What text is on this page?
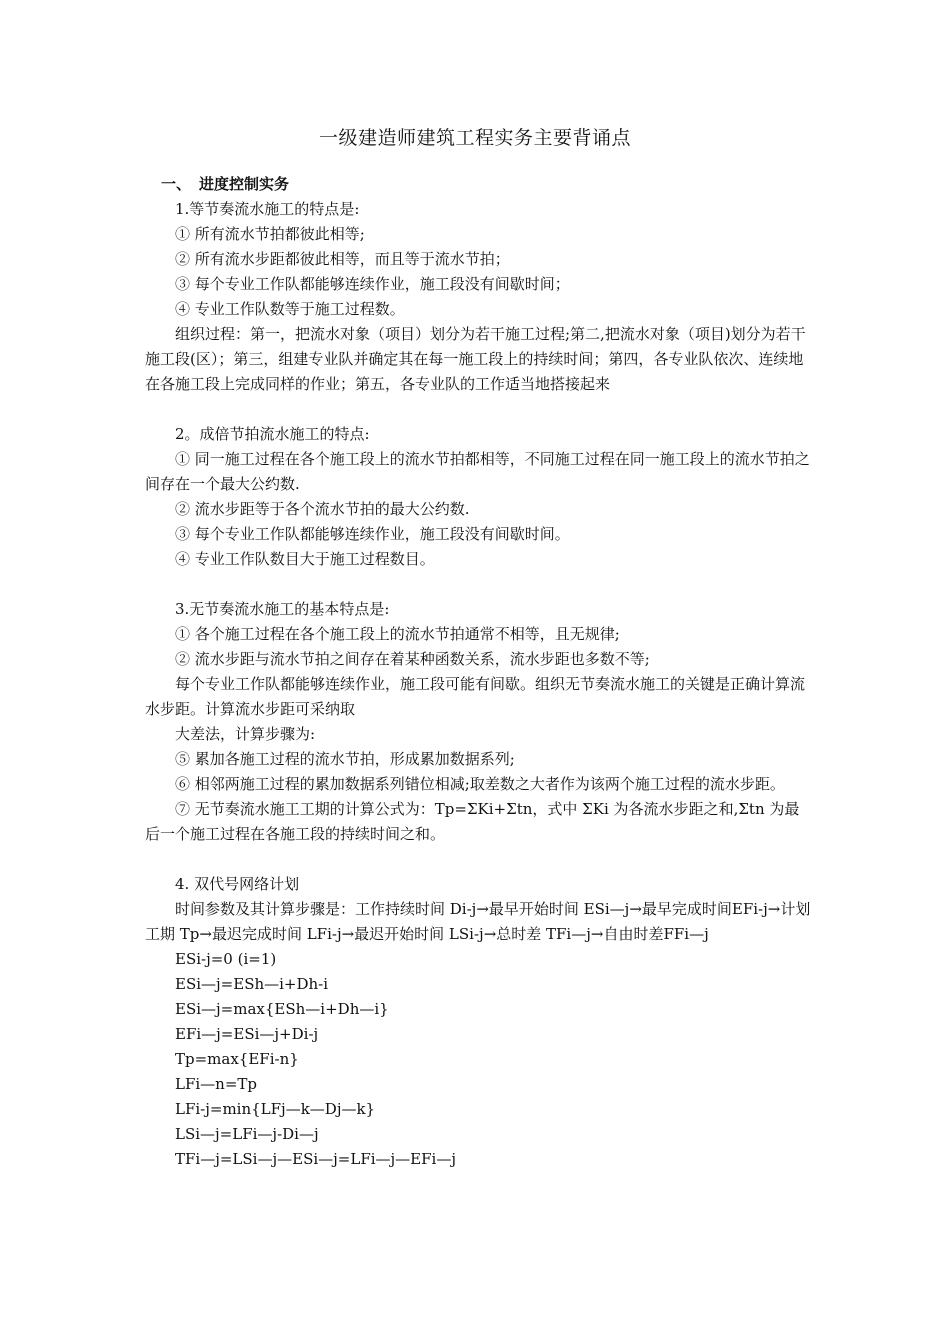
一级建造师建筑工程实务主要背诵点
一、 进度控制实务
1.等节奏流水施工的特点是:
① 所有流水节拍都彼此相等;
② 所有流水步距都彼此相等，而且等于流水节拍；
③ 每个专业工作队都能够连续作业，施工段没有间歇时间；
④ 专业工作队数等于施工过程数。
组织过程：第一，把流水对象（项目）划分为若干施工过程;第二,把流水对象（项目)划分为若干施工段(区）；第三，组建专业队并确定其在每一施工段上的持续时间；第四，各专业队依次、连续地在各施工段上完成同样的作业；第五，各专业队的工作适当地搭接起来
2。成倍节拍流水施工的特点:
① 同一施工过程在各个施工段上的流水节拍都相等，不同施工过程在同一施工段上的流水节拍之间存在一个最大公约数.
② 流水步距等于各个流水节拍的最大公约数.
③ 每个专业工作队都能够连续作业，施工段没有间歇时间。
④ 专业工作队数目大于施工过程数目。
3.无节奏流水施工的基本特点是:
① 各个施工过程在各个施工段上的流水节拍通常不相等，且无规律;
② 流水步距与流水节拍之间存在着某种函数关系，流水步距也多数不等;
每个专业工作队都能够连续作业，施工段可能有间歇。组织无节奏流水施工的关键是正确计算流水步距。计算流水步距可采纳取
大差法，计算步骤为:
⑤ 累加各施工过程的流水节拍，形成累加数据系列;
⑥ 相邻两施工过程的累加数据系列错位相减;取差数之大者作为该两个施工过程的流水步距。
⑦ 无节奏流水施工工期的计算公式为：Tp=ΣKi+Σtn，式中 ΣKi 为各流水步距之和,Σtn 为最后一个施工过程在各施工段的持续时间之和。
4. 双代号网络计划
时间参数及其计算步骤是：工作持续时间 Di-j→最早开始时间 ESi—j→最早完成时间EFi-j→计划工期 Tp→最迟完成时间 LFi-j→最迟开始时间 LSi-j→总时差 TFi—j→自由时差FFi—j
ESi-j=0 (i=1)
ESi—j=ESh—i+Dh-i
ESi—j=max{ESh—i+Dh—i}
EFi—j=ESi—j+Di-j
Tp=max{EFi-n}
LFi—n=Tp
LFi-j=min{LFj—k—Dj—k}
LSi—j=LFi—j-Di—j
TFi—j=LSi—j—ESi—j=LFi—j—EFi—j
